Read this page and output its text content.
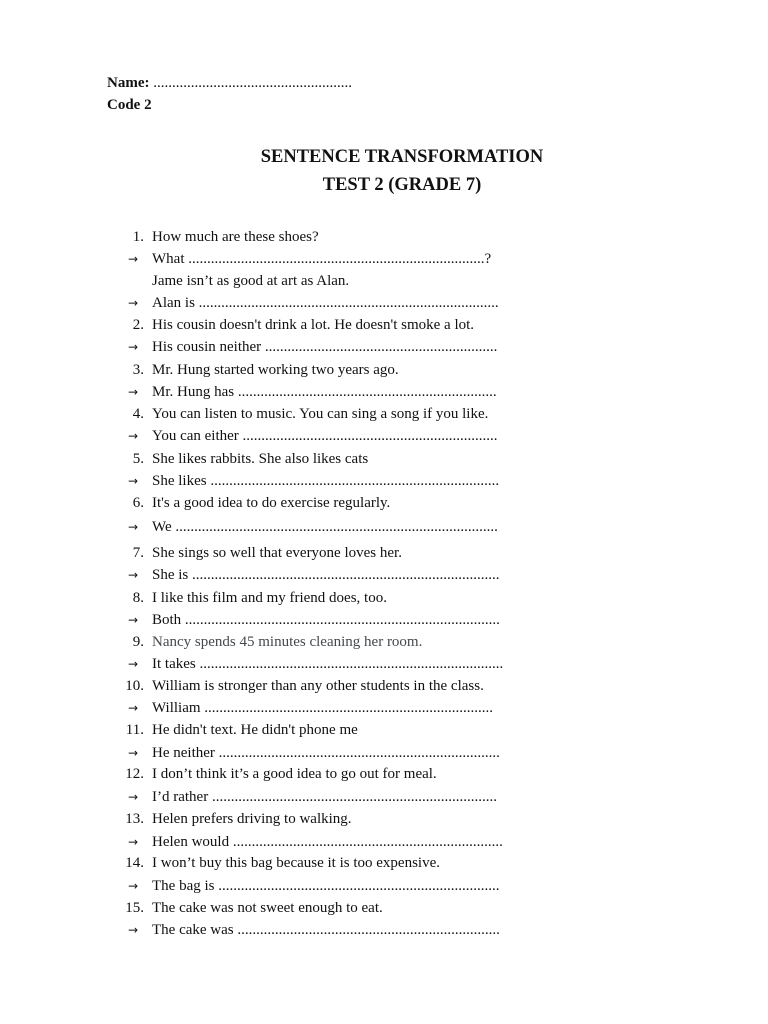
Name: .....................................................
Code 2
SENTENCE TRANSFORMATION
TEST 2 (GRADE 7)
1. How much are these shoes?
→ What ...............................................................................?
Jame isn’t as good at art as Alan.
→ Alan is ................................................................................
2. His cousin doesn't drink a lot. He doesn't smoke a lot.
→ His cousin neither ..............................................................
3. Mr. Hung started working two years ago.
→ Mr. Hung has .....................................................................
4. You can listen to music. You can sing a song if you like.
→ You can either ....................................................................
5. She likes rabbits. She also likes cats
→ She likes .............................................................................
6. It's a good idea to do exercise regularly.
→ We ......................................................................................
7. She sings so well that everyone loves her.
→ She is ..................................................................................
8. I like this film and my friend does, too.
→ Both ....................................................................................
9. Nancy spends 45 minutes cleaning her room.
→ It takes .................................................................................
10. William is stronger than any other students in the class.
→ William .............................................................................
11. He didn't text. He didn't phone me
→ He neither ...........................................................................
12. I don’t think it’s a good idea to go out for meal.
→ I’d rather ............................................................................
13. Helen prefers driving to walking.
→ Helen would ........................................................................
14. I won’t buy this bag because it is too expensive.
→ The bag is ...........................................................................
15. The cake was not sweet enough to eat.
→ The cake was ......................................................................
